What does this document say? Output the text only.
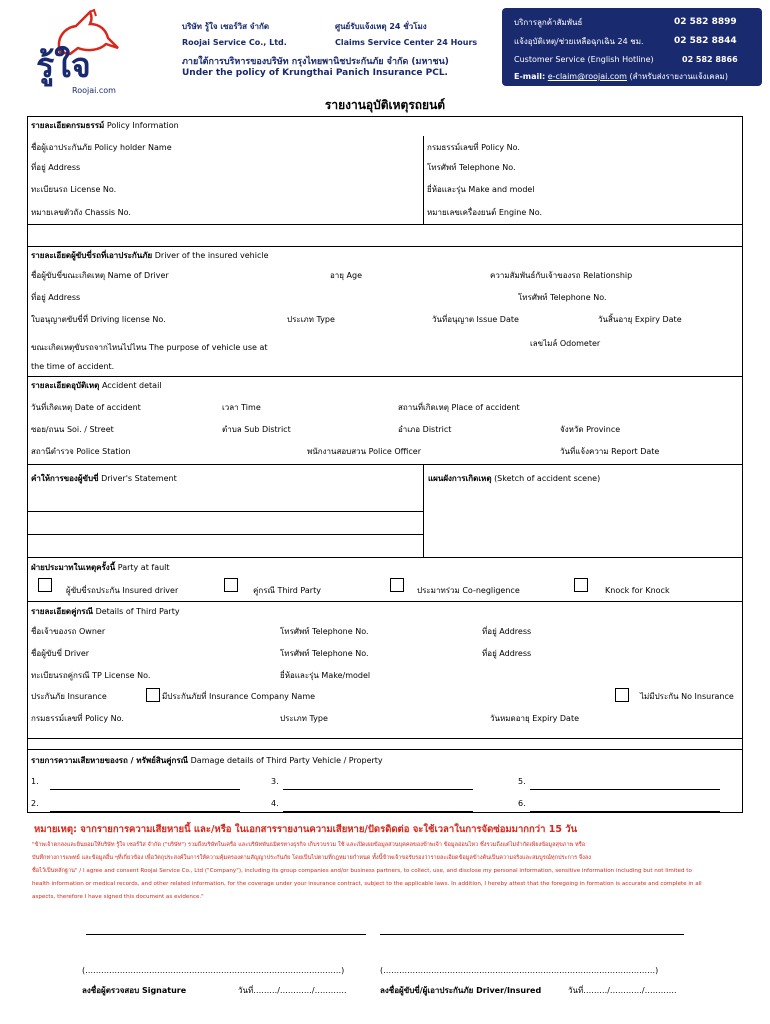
รู้ใจ
Roojai.com
บริษัท รู้ใจ เซอร์วิส จำกัด
Roojai Service Co., Ltd.
ศูนย์รับแจ้งเหตุ 24 ชั่วโมง
Claims Service Center 24 Hours
ภายใต้การบริหารของบริษัท กรุงไทยพานิชประกันภัย จำกัด (มหาชน)
Under the policy of Krungthai Panich Insurance PCL.
บริการลูกค้าสัมพันธ์	02 582 8899
แจ้งอุบัติเหตุ/ช่วยเหลือฉุกเฉิน 24 ชม.	02 582 8844
Customer Service (English Hotline)	02 582 8866
E-mail: e-claim@roojai.com (สำหรับส่งรายงานแจ้งเคลม)
รายงานอุบัติเหตุรถยนต์
รายละเอียดกรมธรรม์ Policy Information
ชื่อผู้เอาประกันภัย Policy holder Name	กรมธรรม์เลขที่ Policy No.
ที่อยู่ Address	โทรศัพท์ Telephone No.
ทะเบียนรถ License No.	ยี่ห้อและรุ่น Make and model
หมายเลขตัวถัง Chassis No.	หมายเลขเครื่องยนต์ Engine No.
รายละเอียดผู้ขับขี่รถที่เอาประกันภัย Driver of the insured vehicle
ชื่อผู้ขับขี่ขณะเกิดเหตุ Name of Driver	อายุ Age	ความสัมพันธ์กับเจ้าของรถ Relationship
ที่อยู่ Address	โทรศัพท์ Telephone No.
ใบอนุญาตขับขี่ที่ Driving license No.	ประเภท Type	วันที่อนุญาต Issue Date	วันสิ้นอายุ Expiry Date
ขณะเกิดเหตุขับรถจากไหนไปไหน The purpose of vehicle use at	เลขไมล์ Odometer
the time of accident.
รายละเอียดอุบัติเหตุ Accident detail
วันที่เกิดเหตุ Date of accident	เวลา Time	สถานที่เกิดเหตุ Place of accident
ซอย/ถนน Soi. / Street	ตำบล Sub District	อำเภอ District	จังหวัด Province
สถานีตำรวจ Police Station	พนักงานสอบสวน Police Officer	วันที่แจ้งความ Report Date
คำให้การของผู้ขับขี่ Driver's Statement	แผนผังการเกิดเหตุ (Sketch of accident scene)
ฝ่ายประมาทในเหตุครั้งนี้ Party at fault
ผู้ขับขี่รถประกัน Insured driver	คู่กรณี Third Party	ประมาทร่วม Co-negligence	Knock for Knock
รายละเอียดคู่กรณี Details of Third Party
ชื่อเจ้าของรถ Owner	โทรศัพท์ Telephone No.	ที่อยู่ Address
ชื่อผู้ขับขี่ Driver	โทรศัพท์ Telephone No.	ที่อยู่ Address
ทะเบียนรถคู่กรณี TP License No.	ยี่ห้อและรุ่น Make/model
ประกันภัย Insurance	มีประกันภัยที่ Insurance Company Name	ไม่มีประกัน No Insurance
กรมธรรม์เลขที่ Policy No.	ประเภท Type	วันหมดอายุ Expiry Date
รายการความเสียหายของรถ / ทรัพย์สินคู่กรณี Damage details of Third Party Vehicle / Property
1.
2.
3.
4.
5.
6.
หมายเหตุ: จากรายการความเสียหายนี้ และ/หรือ ในเอกสารรายงานความเสียหาย/ปัดรดิดต่อ จะใช้เวลาในการจัดซ่อมมากกว่า 15 วัน
"ข้าพเจ้าตกลงและยินยอมให้บริษัท รู้ใจ เซอร์วิส จำกัด ("บริษัท") รวมถึงบริษัทในเครือ และบริษัทพันธมิตรทางธุรกิจ เก็บรวบรวม ใช้ และเปิดเผยข้อมูลส่วนบุคคลของข้าพเจ้า ข้อมูลอ่อนไหว ซึ่งรวมถึงแต่ไม่จำกัดเพียงข้อมูลสุขภาพ หรือ
บันทึกทางการแพทย์ และข้อมูลอื่น ๆที่เกี่ยวข้อง เพื่อวัตถุประสงค์ในการให้ความคุ้มครองตามสัญญาประกันภัย โดยเป็นไปตามที่กฎหมายกำหนด ทั้งนี้ข้าพเจ้าขอรับรองว่ารายละเอียดข้อมูลข้างต้นเป็นความจริงและสมบูรณ์ทุกประการ จึงลง
ชื่อไว้เป็นหลักฐาน" / I agree and consent Roojai Service Co., Ltd ("Company"), including its group companies and/or business partners, to collect, use, and disclose my personal information, sensitive information including but not limited to
health information or medical records, and other related information, for the coverage under your insurance contract, subject to the applicable laws. In addition, I hereby attest that the foregoing in formation is accurate and complete in all
aspects, therefore I have signed this document as evidence."
(……………………………………………………………………………………)	(…………………………………………………………………………………………)
ลงชื่อผู้ตรวจสอบ Signature	วันที่………/…………/…………	ลงชื่อผู้ขับขี่/ผู้เอาประกันภัย Driver/Insured	วันที่………/…………/…………
